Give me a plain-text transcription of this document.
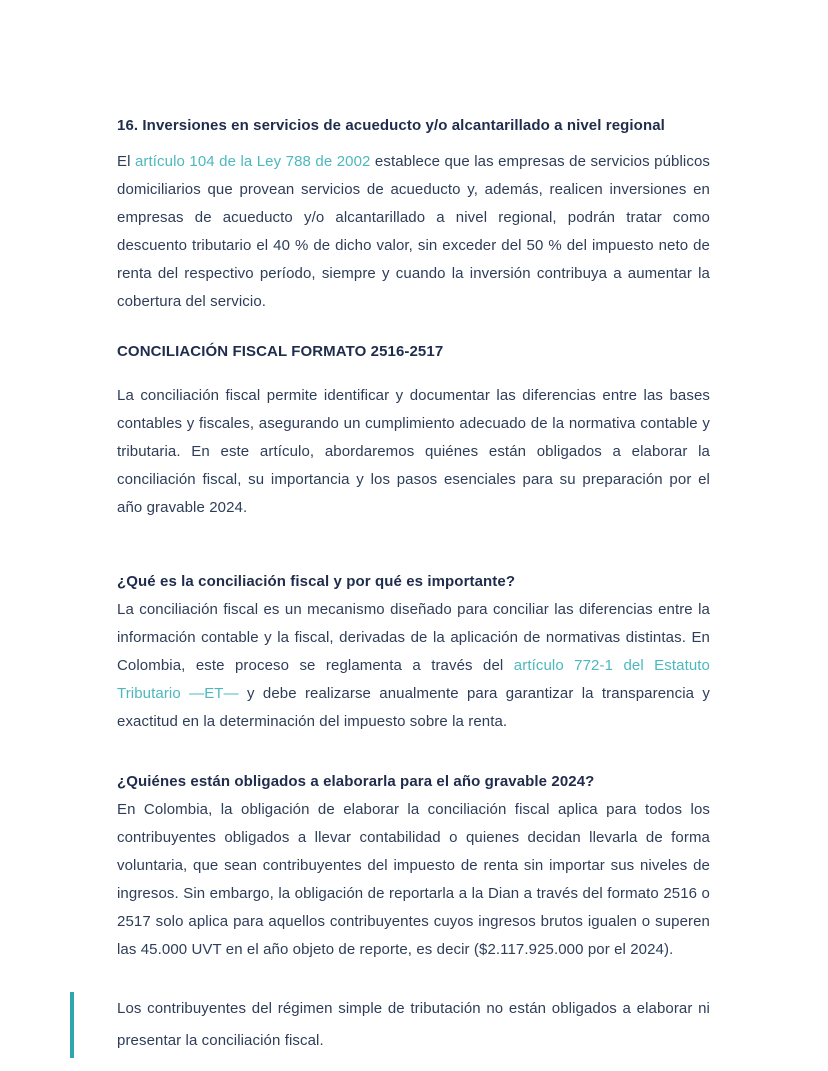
16. Inversiones en servicios de acueducto y/o alcantarillado a nivel regional

El artículo 104 de la Ley 788 de 2002 establece que las empresas de servicios públicos domiciliarios que provean servicios de acueducto y, además, realicen inversiones en empresas de acueducto y/o alcantarillado a nivel regional, podrán tratar como descuento tributario el 40 % de dicho valor, sin exceder del 50 % del impuesto neto de renta del respectivo período, siempre y cuando la inversión contribuya a aumentar la cobertura del servicio.

CONCILIACIÓN FISCAL FORMATO 2516-2517

La conciliación fiscal permite identificar y documentar las diferencias entre las bases contables y fiscales, asegurando un cumplimiento adecuado de la normativa contable y tributaria. En este artículo, abordaremos quiénes están obligados a elaborar la conciliación fiscal, su importancia y los pasos esenciales para su preparación por el año gravable 2024.

¿Qué es la conciliación fiscal y por qué es importante?

La conciliación fiscal es un mecanismo diseñado para conciliar las diferencias entre la información contable y la fiscal, derivadas de la aplicación de normativas distintas. En Colombia, este proceso se reglamenta a través del artículo 772-1 del Estatuto Tributario —ET— y debe realizarse anualmente para garantizar la transparencia y exactitud en la determinación del impuesto sobre la renta.

¿Quiénes están obligados a elaborarla para el año gravable 2024?

En Colombia, la obligación de elaborar la conciliación fiscal aplica para todos los contribuyentes obligados a llevar contabilidad o quienes decidan llevarla de forma voluntaria, que sean contribuyentes del impuesto de renta sin importar sus niveles de ingresos. Sin embargo, la obligación de reportarla a la Dian a través del formato 2516 o 2517 solo aplica para aquellos contribuyentes cuyos ingresos brutos igualen o superen las 45.000 UVT en el año objeto de reporte, es decir ($2.117.925.000 por el 2024).

Los contribuyentes del régimen simple de tributación no están obligados a elaborar ni presentar la conciliación fiscal.
